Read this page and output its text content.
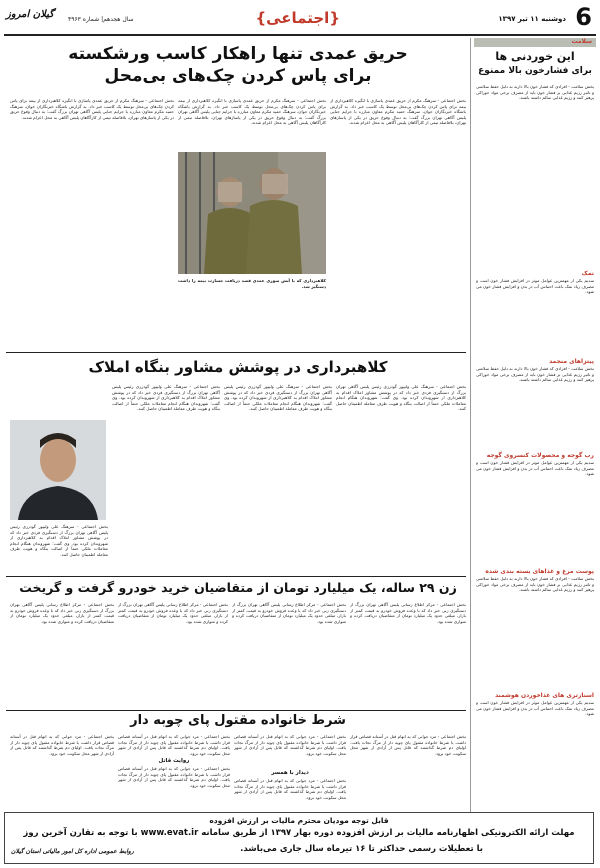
6
دوشنبه ۱۱ تیر ۱۳۹۷
{اجتماعی}
سال هجدهم| شماره ۴۹۶۳
گیلان امروز
سلامت
این خوردنی ها
برای فشارخون بالا ممنوع
بخش سلامت - افرادی که فشار خون بالا دارند به دلیل حفظ سلامتی و تاثیر رژیم غذایی بر فشار خون باید از مصرف برخی مواد خوراکی پرهیز کنند و رژیم غذایی سالم داشته باشند.
نمک
سدیم یکی از مهمترین عوامل موثر در افزایش فشار خون است و مصرف زیاد نمک باعث احتباس آب در بدن و افزایش فشار خون می شود.
پیتزاهای منجمد
بخش سلامت - افرادی که فشار خون بالا دارند به دلیل حفظ سلامتی و تاثیر رژیم غذایی بر فشار خون باید از مصرف برخی مواد خوراکی پرهیز کنند و رژیم غذایی سالم داشته باشند.
رب گوجه و محصولات کنسروی گوجه
سدیم یکی از مهمترین عوامل موثر در افزایش فشار خون است و مصرف زیاد نمک باعث احتباس آب در بدن و افزایش فشار خون می شود.
پوست مرغ و غذاهای بسته بندی شده
بخش سلامت - افرادی که فشار خون بالا دارند به دلیل حفظ سلامتی و تاثیر رژیم غذایی بر فشار خون باید از مصرف برخی مواد خوراکی پرهیز کنند و رژیم غذایی سالم داشته باشند.
اسنازتری های غذاخوردن هوشمند
سدیم یکی از مهمترین عوامل موثر در افزایش فشار خون است و مصرف زیاد نمک باعث احتباس آب در بدن و افزایش فشار خون می شود.
حریق عمدی تنها راهکار کاسب ورشکسته
برای پاس کردن چک‌های بی‌محل
بخش اجتماعی - سرهنگ مکرم از حریق عمدی پاساژی با انگیزه کلاهبرداری از بیمه برای پاس کردن چک‌های بی‌محل توسط یک کاسب خبر داد. به گزارش باشگاه خبرنگاران جوان، سرهنگ حمید مکرم معاون مبارزه با جرایم جنایی پلیس آگاهی تهران بزرگ گفت: به دنبال وقوع حریق در یکی از پاساژهای تهران، بلافاصله تیمی از کارآگاهان پلیس آگاهی به محل اعزام شدند.
بخش اجتماعی - سرهنگ مکرم از حریق عمدی پاساژی با انگیزه کلاهبرداری از بیمه برای پاس کردن چک‌های بی‌محل توسط یک کاسب خبر داد. به گزارش باشگاه خبرنگاران جوان، سرهنگ حمید مکرم معاون مبارزه با جرایم جنایی پلیس آگاهی تهران بزرگ گفت: به دنبال وقوع حریق در یکی از پاساژهای تهران، بلافاصله تیمی از کارآگاهان پلیس آگاهی به محل اعزام شدند.
بخش اجتماعی - سرهنگ مکرم از حریق عمدی پاساژی با انگیزه کلاهبرداری از بیمه برای پاس کردن چک‌های بی‌محل توسط یک کاسب خبر داد. به گزارش باشگاه خبرنگاران جوان، سرهنگ حمید مکرم معاون مبارزه با جرایم جنایی پلیس آگاهی تهران بزرگ گفت: به دنبال وقوع حریق در یکی از پاساژهای تهران، بلافاصله تیمی از کارآگاهان پلیس آگاهی به محل اعزام شدند.
کلاهبرداری که با آتش سوزی عمدی قصد دریافت خسارت بیمه را داشت دستگیر شد.
کلاهبرداری در پوشش مشاور بنگاه املاک
بخش اجتماعی - سرهنگ علی ولیپور گودرزی رئیس پلیس آگاهی تهران بزرگ از دستگیری فردی خبر داد که در پوشش مشاور املاک اقدام به کلاهبرداری از شهروندان کرده بود. وی گفت: شهروندان هنگام انجام معاملات ملکی حتماً از اصالت بنگاه و هویت طرف معامله اطمینان حاصل کنند.
بخش اجتماعی - سرهنگ علی ولیپور گودرزی رئیس پلیس آگاهی تهران بزرگ از دستگیری فردی خبر داد که در پوشش مشاور املاک اقدام به کلاهبرداری از شهروندان کرده بود. وی گفت: شهروندان هنگام انجام معاملات ملکی حتماً از اصالت بنگاه و هویت طرف معامله اطمینان حاصل کنند.
بخش اجتماعی - سرهنگ علی ولیپور گودرزی رئیس پلیس آگاهی تهران بزرگ از دستگیری فردی خبر داد که در پوشش مشاور املاک اقدام به کلاهبرداری از شهروندان کرده بود. وی گفت: شهروندان هنگام انجام معاملات ملکی حتماً از اصالت بنگاه و هویت طرف معامله اطمینان حاصل کنند.
بخش اجتماعی - سرهنگ علی ولیپور گودرزی رئیس پلیس آگاهی تهران بزرگ از دستگیری فردی خبر داد که در پوشش مشاور املاک اقدام به کلاهبرداری از شهروندان کرده بود. وی گفت: شهروندان هنگام انجام معاملات ملکی حتماً از اصالت بنگاه و هویت طرف معامله اطمینان حاصل کنند.
زن ۲۹ ساله، یک میلیارد تومان از متقاضیان خرید خودرو گرفت و گریخت
بخش اجتماعی - مرکز اطلاع رسانی پلیس آگاهی تهران بزرگ از دستگیری زنی خبر داد که با وعده فروش خودرو به قیمت کمتر از بازار، مبلغی حدود یک میلیارد تومان از متقاضیان دریافت کرده و متواری شده بود.
بخش اجتماعی - مرکز اطلاع رسانی پلیس آگاهی تهران بزرگ از دستگیری زنی خبر داد که با وعده فروش خودرو به قیمت کمتر از بازار، مبلغی حدود یک میلیارد تومان از متقاضیان دریافت کرده و متواری شده بود.
بخش اجتماعی - مرکز اطلاع رسانی پلیس آگاهی تهران بزرگ از دستگیری زنی خبر داد که با وعده فروش خودرو به قیمت کمتر از بازار، مبلغی حدود یک میلیارد تومان از متقاضیان دریافت کرده و متواری شده بود.
بخش اجتماعی - مرکز اطلاع رسانی پلیس آگاهی تهران بزرگ از دستگیری زنی خبر داد که با وعده فروش خودرو به قیمت کمتر از بازار، مبلغی حدود یک میلیارد تومان از متقاضیان دریافت کرده و متواری شده بود.
شرط خانواده مقتول پای چوبه دار
بخش اجتماعی - مرد جوانی که به اتهام قتل در آستانه قصاص قرار داشت با شرط خانواده مقتول پای چوبه دار از مرگ نجات یافت. اولیای دم شرط گذاشتند که قاتل پس از آزادی از شهر محل سکونت خود برود.
دیدار با همسر
بخش اجتماعی - مرد جوانی که به اتهام قتل در آستانه قصاص قرار داشت با شرط خانواده مقتول پای چوبه دار از مرگ نجات یافت. اولیای دم شرط گذاشتند که قاتل پس از آزادی از شهر محل سکونت خود برود.
بخش اجتماعی - مرد جوانی که به اتهام قتل در آستانه قصاص قرار داشت با شرط خانواده مقتول پای چوبه دار از مرگ نجات یافت. اولیای دم شرط گذاشتند که قاتل پس از آزادی از شهر محل سکونت خود برود.
روایت قاتل
بخش اجتماعی - مرد جوانی که به اتهام قتل در آستانه قصاص قرار داشت با شرط خانواده مقتول پای چوبه دار از مرگ نجات یافت. اولیای دم شرط گذاشتند که قاتل پس از آزادی از شهر محل سکونت خود برود.
بخش اجتماعی - مرد جوانی که به اتهام قتل در آستانه قصاص قرار داشت با شرط خانواده مقتول پای چوبه دار از مرگ نجات یافت. اولیای دم شرط گذاشتند که قاتل پس از آزادی از شهر محل سکونت خود برود.
بخش اجتماعی - مرد جوانی که به اتهام قتل در آستانه قصاص قرار داشت با شرط خانواده مقتول پای چوبه دار از مرگ نجات یافت. اولیای دم شرط گذاشتند که قاتل پس از آزادی از شهر محل سکونت خود برود.
قابل توجه مودیان محترم مالیات بر ارزش افزوده
مهلت ارائه الکترونیکی اظهارنامه مالیات بر ارزش افزوده دوره بهار ۱۳۹۷ از طریق سامانه www.evat.ir با توجه به تقارن آخرین روز
با تعطیلات رسمی حداکثر تا ۱۶ تیرماه سال جاری می‌باشد.
روابط عمومی اداره کل امور مالیاتی استان گیلان
